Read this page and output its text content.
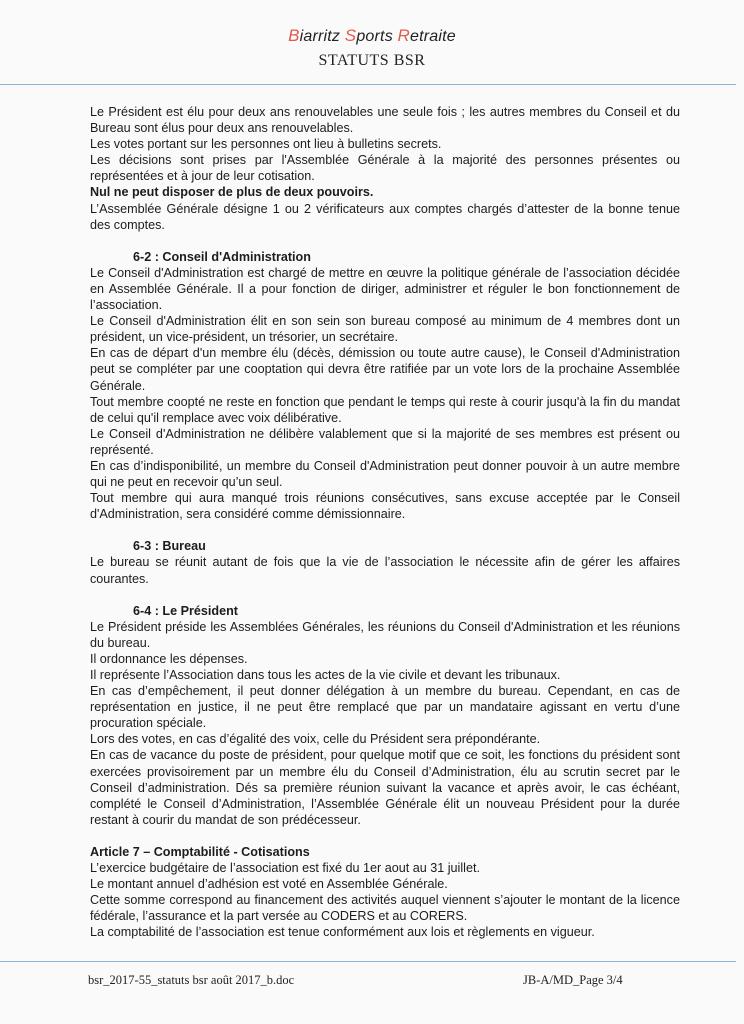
Biarritz Sports Retraite
STATUTS BSR

Le Président est élu pour deux ans renouvelables une seule fois ; les autres membres du Conseil et du Bureau sont élus pour deux ans renouvelables.

Les votes portant sur les personnes ont lieu à bulletins secrets.

Les décisions sont prises par l'Assemblée Générale à la majorité des personnes présentes ou représentées et à jour de leur cotisation.

Nul ne peut disposer de plus de deux pouvoirs.

L’Assemblée Générale désigne 1 ou 2 vérificateurs aux comptes chargés d’attester de la bonne tenue des comptes.

6-2 : Conseil d'Administration

Le Conseil d'Administration est chargé de mettre en œuvre la politique générale de l’association décidée en Assemblée Générale. Il a pour fonction de diriger, administrer et réguler le bon fonctionnement de l’association.

Le Conseil d'Administration élit en son sein son bureau composé au minimum de 4 membres dont un président, un vice-président, un trésorier, un secrétaire.

En cas de départ d'un membre élu (décès, démission ou toute autre cause), le Conseil d'Administration peut se compléter par une cooptation qui devra être ratifiée par un vote lors de la prochaine Assemblée Générale.

Tout membre coopté ne reste en fonction que pendant le temps qui reste à courir jusqu'à la fin du mandat de celui qu'il remplace avec voix délibérative.

Le Conseil d'Administration ne délibère valablement que si la majorité de ses membres est présent ou représenté.

En cas d’indisponibilité, un membre du Conseil d'Administration peut donner pouvoir à un autre membre qui ne peut en recevoir qu’un seul.

Tout membre qui aura manqué trois réunions consécutives, sans excuse acceptée par le Conseil d'Administration, sera considéré comme démissionnaire.

6-3 : Bureau

Le bureau se réunit autant de fois que la vie de l’association le nécessite afin de gérer les affaires courantes.

6-4 : Le Président

Le Président préside les Assemblées Générales, les réunions du Conseil d'Administration et les réunions du bureau.

Il ordonnance les dépenses.

Il représente l’Association dans tous les actes de la vie civile et devant les tribunaux.

En cas d’empêchement, il peut donner délégation à un membre du bureau. Cependant, en cas de représentation en justice, il ne peut être remplacé que par un mandataire agissant en vertu d’une procuration spéciale.

Lors des votes, en cas d’égalité des voix, celle du Président sera prépondérante.

En cas de vacance du poste de président, pour quelque motif que ce soit, les fonctions du président sont exercées provisoirement par un membre élu du Conseil d’Administration, élu au scrutin secret par le Conseil d’administration. Dés sa première réunion suivant la vacance et après avoir, le cas échéant, complété le Conseil d’Administration, l’Assemblée Générale élit un nouveau Président pour la durée restant à courir du mandat de son prédécesseur.

Article 7 – Comptabilité - Cotisations

L’exercice budgétaire de l’association est fixé du 1er aout au 31 juillet.

Le montant annuel d’adhésion est voté en Assemblée Générale.

Cette somme correspond au financement des activités auquel viennent s’ajouter le montant de la licence fédérale, l’assurance et la part versée au CODERS et au CORERS.

La comptabilité de l’association est tenue conformément aux lois et règlements en vigueur.

bsr_2017-55_statuts bsr août 2017_b.doc	JB-A/MD_Page 3/4
